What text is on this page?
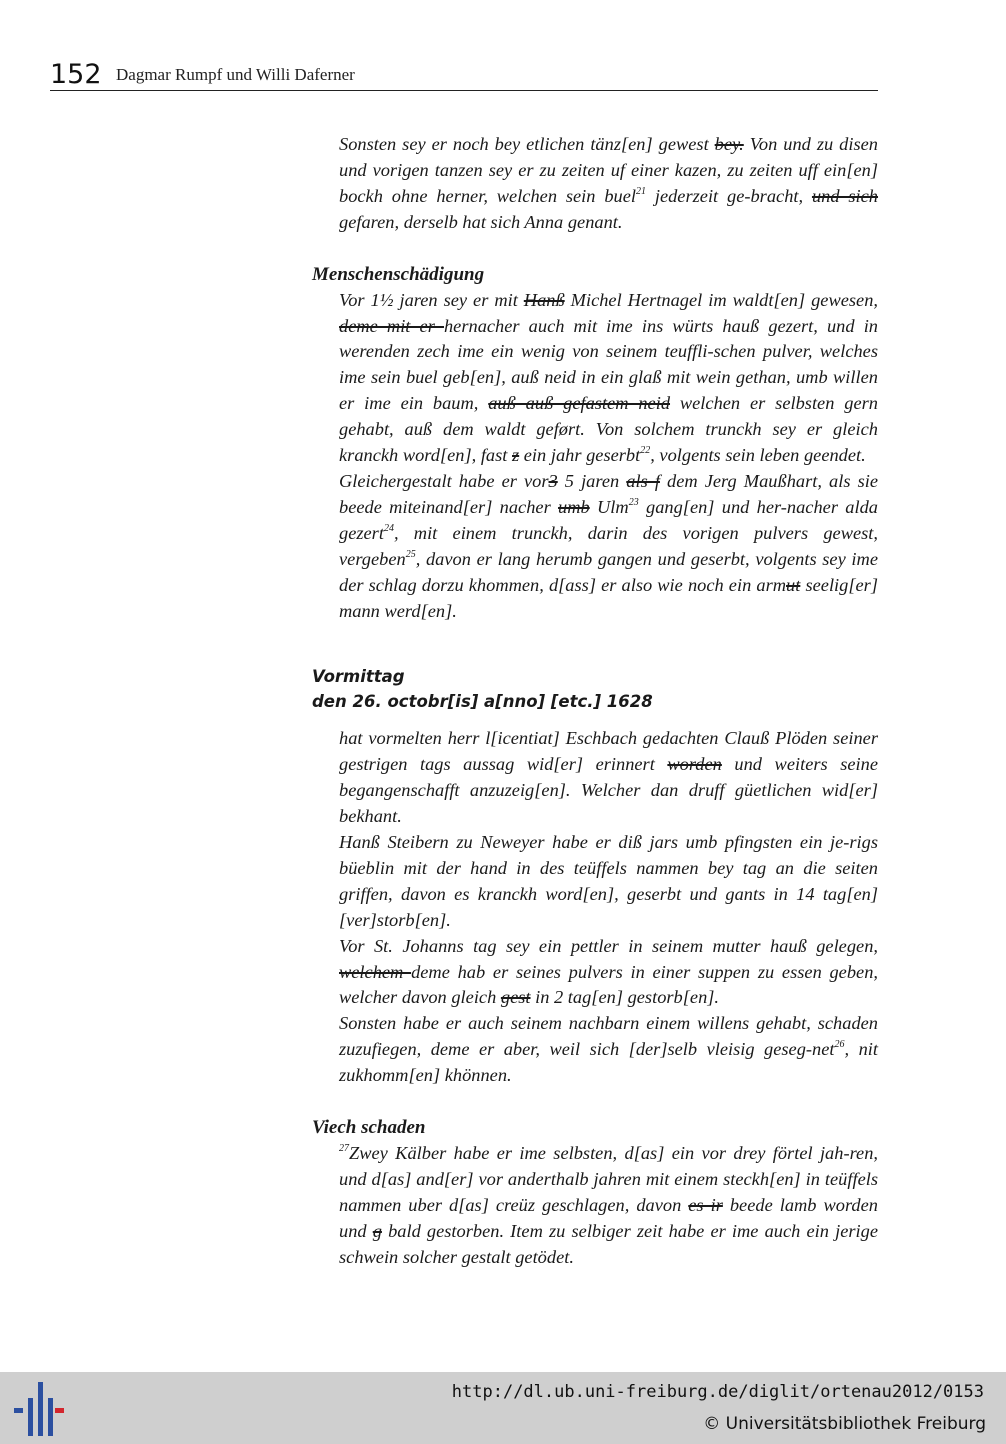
152 Dagmar Rumpf und Willi Daferner

Sonsten sey er noch bey etlichen tänz[en] gewest bey. Von und zu disen und vorigen tanzen sey er zu zeiten uf einer kazen, zu zeiten uff ein[en] bockh ohne herner, welchen sein buel$^{21}$ jederzeit ge-bracht, und sich gefaren, derselb hat sich Anna genant.

Menschenschädigung

Vor 1½ jaren sey er mit Hanß Michel Hertnagel im waldt[en] gewesen, deme mit er hernacher auch mit ime ins würts hauß gezert, und in werenden zech ime ein wenig von seinem teuffli-schen pulver, welches ime sein buel geb[en], auß neid in ein glaß mit wein gethan, umb willen er ime ein baum, auß auß gefastem neid welchen er selbsten gern gehabt, auß dem waldt geført. Von solchem trunckh sey er gleich kranckh word[en], fast z ein jahr geserbt$^{22}$, volgents sein leben geendet.

Gleichergestalt habe er vor3 5 jaren als f dem Jerg Maußhart, als sie beede miteinand[er] nacher umb Ulm$^{23}$ gang[en] und her-nacher alda gezert$^{24}$, mit einem trunckh, darin des vorigen pulvers gewest, vergeben$^{25}$, davon er lang herumb gangen und geserbt, volgents sey ime der schlag dorzu khommen, d[ass] er also wie noch ein armut seelig[er] mann werd[en].

Vormittag
den 26. octobr[is] a[nno] [etc.] 1628

hat vormelten herr l[icentiat] Eschbach gedachten Clauß Plöden seiner gestrigen tags aussag wid[er] erinnert worden und weiters seine begangenschafft anzuzeig[en]. Welcher dan druff güetlichen wid[er] bekhant.

Hanß Steibern zu Neweyer habe er diß jars umb pfingsten ein je-rigs büeblin mit der hand in des teüffels nammen bey tag an die seiten griffen, davon es kranckh word[en], geserbt und gants in 14 tag[en] [ver]storb[en].

Vor St. Johanns tag sey ein pettler in seinem mutter hauß gelegen, welchem deme hab er seines pulvers in einer suppen zu essen geben, welcher davon gleich gest in 2 tag[en] gestorb[en].

Sonsten habe er auch seinem nachbarn einem willens gehabt, schaden zuzufiegen, deme er aber, weil sich [der]selb vleisig geseg-net$^{26}$, nit zukhomm[en] khönnen.

Viech schaden

$^{27}$Zwey Kälber habe er ime selbsten, d[as] ein vor drey förtel jah-ren, und d[as] and[er] vor anderthalb jahren mit einem steckh[en] in teüffels nammen uber d[as] creüz geschlagen, davon es ir beede lamb worden und g bald gestorben. Item zu selbiger zeit habe er ime auch ein jerige schwein solcher gestalt getödet.

http://dl.ub.uni-freiburg.de/diglit/ortenau2012/0153
© Universitätsbibliothek Freiburg
